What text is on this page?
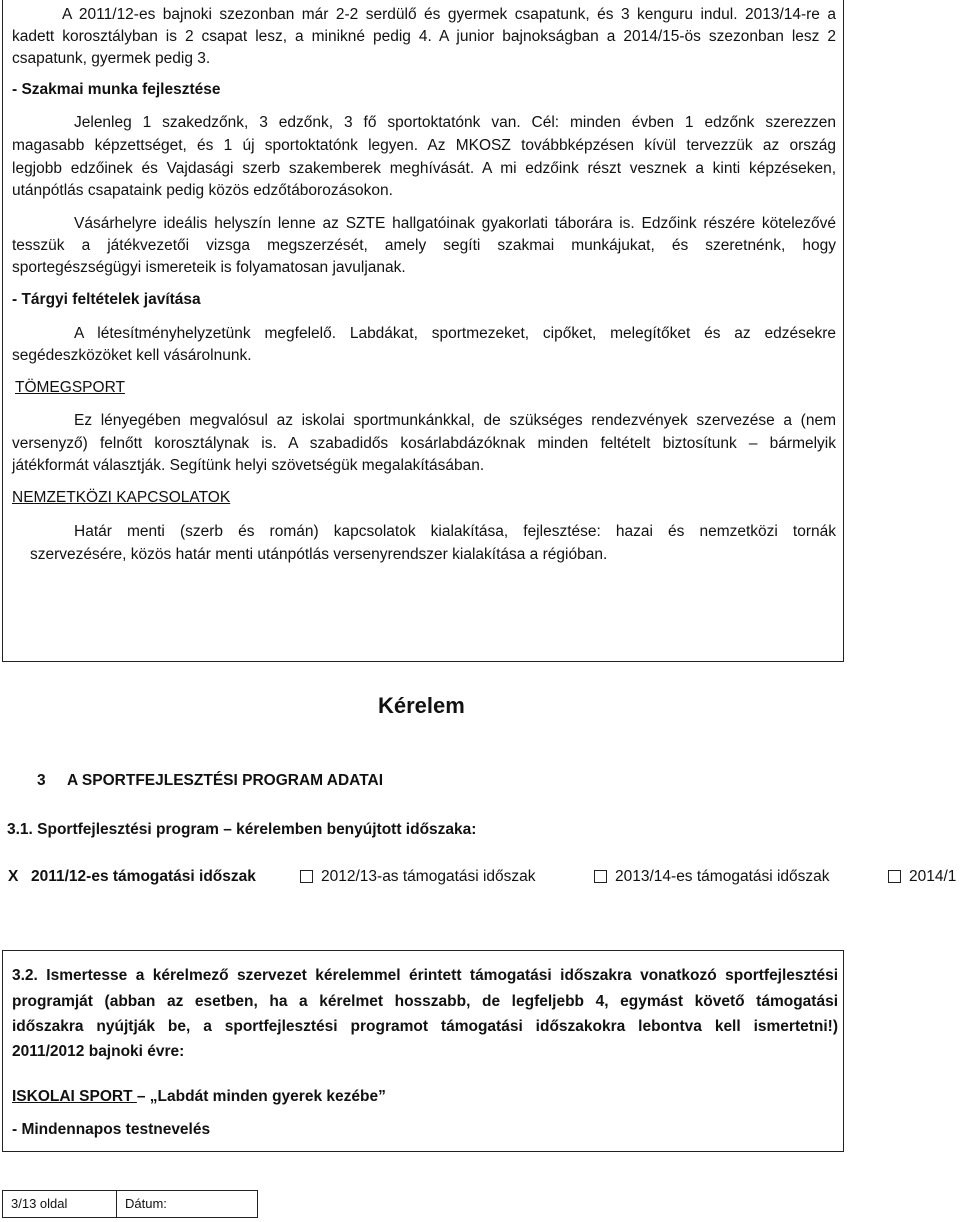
A 2011/12-es bajnoki szezonban már 2-2 serdülő és gyermek csapatunk, és 3 kenguru indul. 2013/14-re a
kadett korosztályban is 2 csapat lesz, a minikné pedig 4. A junior bajnokságban a 2014/15-ös szezonban lesz 2
csapatunk, gyermek pedig 3.
- Szakmai munka fejlesztése
Jelenleg 1 szakedzőnk, 3 edzőnk, 3 fő sportoktatónk van. Cél: minden évben 1 edzőnk szerezzen
magasabb képzettséget, és 1 új sportoktatónk legyen. Az MKOSZ továbbképzésen kívül tervezzük az ország
legjobb edzőinek és Vajdasági szerb szakemberek meghívását. A mi edzőink részt vesznek a kinti képzéseken,
utánpótlás csapataink pedig közös edzőtáborozásokon.
Vásárhelyre ideális helyszín lenne az SZTE hallgatóinak gyakorlati táborára is. Edzőink részére kötelezővé
tesszük a játékvezetői vizsga megszerzését, amely segíti szakmai munkájukat, és szeretnénk, hogy
sportegészségügyi ismereteik is folyamatosan javuljanak.
- Tárgyi feltételek javítása
A létesítményhelyzetünk megfelelő. Labdákat, sportmezeket, cipőket, melegítőket és az edzésekre
segédeszközöket kell vásárolnunk.
TÖMEGSPORT
Ez lényegében megvalósul az iskolai sportmunkánkkal, de szükséges rendezvények szervezése a (nem
versenyző) felnőtt korosztálynak is. A szabadidős kosárlabdázóknak minden feltételt biztosítunk – bármelyik
játékformát választják. Segítünk helyi szövetségük megalakításában.
NEMZETKÖZI KAPCSOLATOK
Határ menti (szerb és román) kapcsolatok kialakítása, fejlesztése: hazai és nemzetközi tornák
szervezésére, közös határ menti utánpótlás versenyrendszer kialakítása a régióban.
Kérelem
3 A SPORTFEJLESZTÉSI PROGRAM ADATAI
3.1. Sportfejlesztési program – kérelemben benyújtott időszaka:
X 2011/12-es támogatási időszak	2012/13-as támogatási időszak	2013/14-es támogatási időszak	2014/1
3.2. Ismertesse a kérelmező szervezet kérelemmel érintett támogatási időszakra vonatkozó sportfejlesztési
programját (abban az esetben, ha a kérelmet hosszabb, de legfeljebb 4, egymást követő támogatási
időszakra nyújtják be, a sportfejlesztési programot támogatási időszakokra lebontva kell ismertetni!)
2011/2012 bajnoki évre:
ISKOLAI SPORT – „Labdát minden gyerek kezébe”
- Mindennapos testnevelés
3/13 oldal	Dátum:
